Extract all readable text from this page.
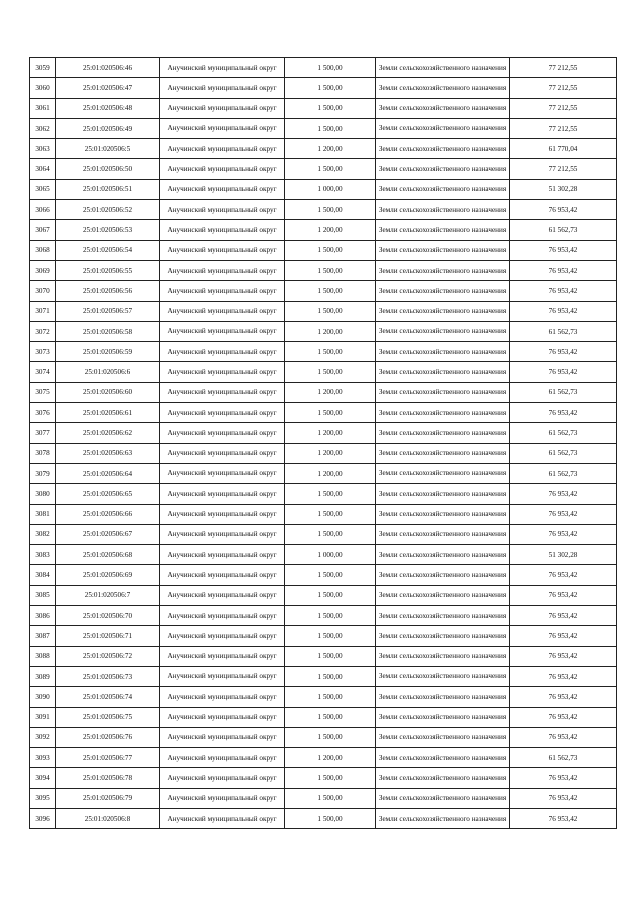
3059	25:01:020506:46	Анучинский муниципальный округ	1 500,00	Земли сельскохозяйственного назначения	77 212,55
3060	25:01:020506:47	Анучинский муниципальный округ	1 500,00	Земли сельскохозяйственного назначения	77 212,55
3061	25:01:020506:48	Анучинский муниципальный округ	1 500,00	Земли сельскохозяйственного назначения	77 212,55
3062	25:01:020506:49	Анучинский муниципальный округ	1 500,00	Земли сельскохозяйственного назначения	77 212,55
3063	25:01:020506:5	Анучинский муниципальный округ	1 200,00	Земли сельскохозяйственного назначения	61 770,04
3064	25:01:020506:50	Анучинский муниципальный округ	1 500,00	Земли сельскохозяйственного назначения	77 212,55
3065	25:01:020506:51	Анучинский муниципальный округ	1 000,00	Земли сельскохозяйственного назначения	51 302,28
3066	25:01:020506:52	Анучинский муниципальный округ	1 500,00	Земли сельскохозяйственного назначения	76 953,42
3067	25:01:020506:53	Анучинский муниципальный округ	1 200,00	Земли сельскохозяйственного назначения	61 562,73
3068	25:01:020506:54	Анучинский муниципальный округ	1 500,00	Земли сельскохозяйственного назначения	76 953,42
3069	25:01:020506:55	Анучинский муниципальный округ	1 500,00	Земли сельскохозяйственного назначения	76 953,42
3070	25:01:020506:56	Анучинский муниципальный округ	1 500,00	Земли сельскохозяйственного назначения	76 953,42
3071	25:01:020506:57	Анучинский муниципальный округ	1 500,00	Земли сельскохозяйственного назначения	76 953,42
3072	25:01:020506:58	Анучинский муниципальный округ	1 200,00	Земли сельскохозяйственного назначения	61 562,73
3073	25:01:020506:59	Анучинский муниципальный округ	1 500,00	Земли сельскохозяйственного назначения	76 953,42
3074	25:01:020506:6	Анучинский муниципальный округ	1 500,00	Земли сельскохозяйственного назначения	76 953,42
3075	25:01:020506:60	Анучинский муниципальный округ	1 200,00	Земли сельскохозяйственного назначения	61 562,73
3076	25:01:020506:61	Анучинский муниципальный округ	1 500,00	Земли сельскохозяйственного назначения	76 953,42
3077	25:01:020506:62	Анучинский муниципальный округ	1 200,00	Земли сельскохозяйственного назначения	61 562,73
3078	25:01:020506:63	Анучинский муниципальный округ	1 200,00	Земли сельскохозяйственного назначения	61 562,73
3079	25:01:020506:64	Анучинский муниципальный округ	1 200,00	Земли сельскохозяйственного назначения	61 562,73
3080	25:01:020506:65	Анучинский муниципальный округ	1 500,00	Земли сельскохозяйственного назначения	76 953,42
3081	25:01:020506:66	Анучинский муниципальный округ	1 500,00	Земли сельскохозяйственного назначения	76 953,42
3082	25:01:020506:67	Анучинский муниципальный округ	1 500,00	Земли сельскохозяйственного назначения	76 953,42
3083	25:01:020506:68	Анучинский муниципальный округ	1 000,00	Земли сельскохозяйственного назначения	51 302,28
3084	25:01:020506:69	Анучинский муниципальный округ	1 500,00	Земли сельскохозяйственного назначения	76 953,42
3085	25:01:020506:7	Анучинский муниципальный округ	1 500,00	Земли сельскохозяйственного назначения	76 953,42
3086	25:01:020506:70	Анучинский муниципальный округ	1 500,00	Земли сельскохозяйственного назначения	76 953,42
3087	25:01:020506:71	Анучинский муниципальный округ	1 500,00	Земли сельскохозяйственного назначения	76 953,42
3088	25:01:020506:72	Анучинский муниципальный округ	1 500,00	Земли сельскохозяйственного назначения	76 953,42
3089	25:01:020506:73	Анучинский муниципальный округ	1 500,00	Земли сельскохозяйственного назначения	76 953,42
3090	25:01:020506:74	Анучинский муниципальный округ	1 500,00	Земли сельскохозяйственного назначения	76 953,42
3091	25:01:020506:75	Анучинский муниципальный округ	1 500,00	Земли сельскохозяйственного назначения	76 953,42
3092	25:01:020506:76	Анучинский муниципальный округ	1 500,00	Земли сельскохозяйственного назначения	76 953,42
3093	25:01:020506:77	Анучинский муниципальный округ	1 200,00	Земли сельскохозяйственного назначения	61 562,73
3094	25:01:020506:78	Анучинский муниципальный округ	1 500,00	Земли сельскохозяйственного назначения	76 953,42
3095	25:01:020506:79	Анучинский муниципальный округ	1 500,00	Земли сельскохозяйственного назначения	76 953,42
3096	25:01:020506:8	Анучинский муниципальный округ	1 500,00	Земли сельскохозяйственного назначения	76 953,42
